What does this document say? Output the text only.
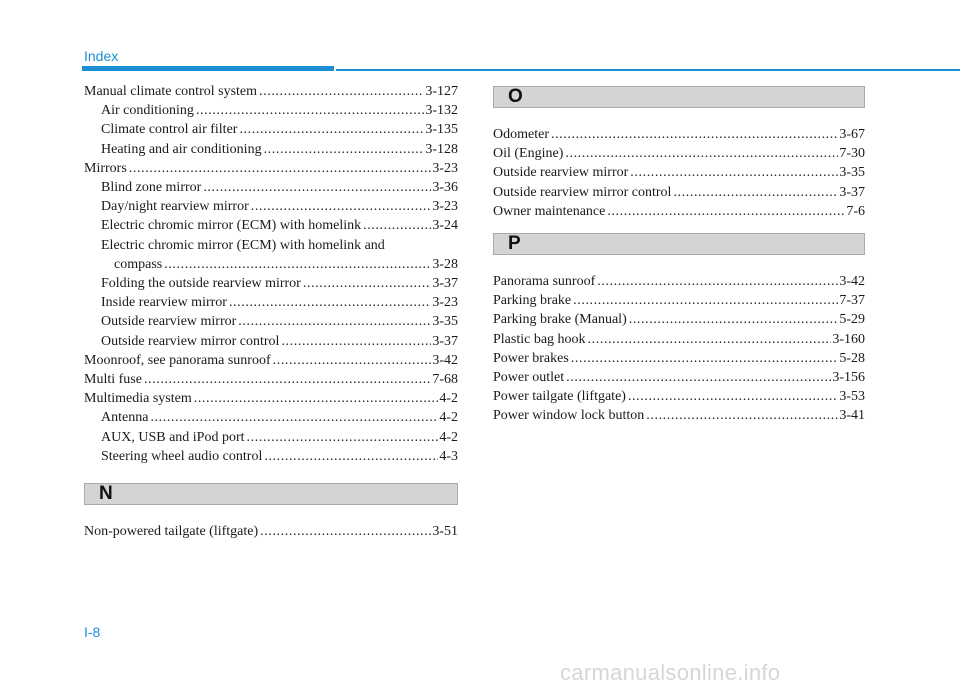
Index
Manual climate control system .....	3-127
Air conditioning .....	3-132
Climate control air filter .....	3-135
Heating and air conditioning .....	3-128
Mirrors .....	3-23
Blind zone mirror .....	3-36
Day/night rearview mirror .....	3-23
Electric chromic mirror (ECM) with homelink .....	3-24
Electric chromic mirror (ECM) with homelink and
compass .....	3-28
Folding the outside rearview mirror .....	3-37
Inside rearview mirror .....	3-23
Outside rearview mirror .....	3-35
Outside rearview mirror control .....	3-37
Moonroof, see panorama sunroof .....	3-42
Multi fuse .....	7-68
Multimedia system .....	4-2
Antenna .....	4-2
AUX, USB and iPod port .....	4-2
Steering wheel audio control .....	4-3
N
Non-powered tailgate (liftgate) .....	3-51
O
Odometer .....	3-67
Oil (Engine) .....	7-30
Outside rearview mirror .....	3-35
Outside rearview mirror control .....	3-37
Owner maintenance .....	7-6
P
Panorama sunroof .....	3-42
Parking brake .....	7-37
Parking brake (Manual) .....	5-29
Plastic bag hook .....	3-160
Power brakes .....	5-28
Power outlet .....	3-156
Power tailgate (liftgate) .....	3-53
Power window lock button .....	3-41
I-8
carmanualsonline.info
